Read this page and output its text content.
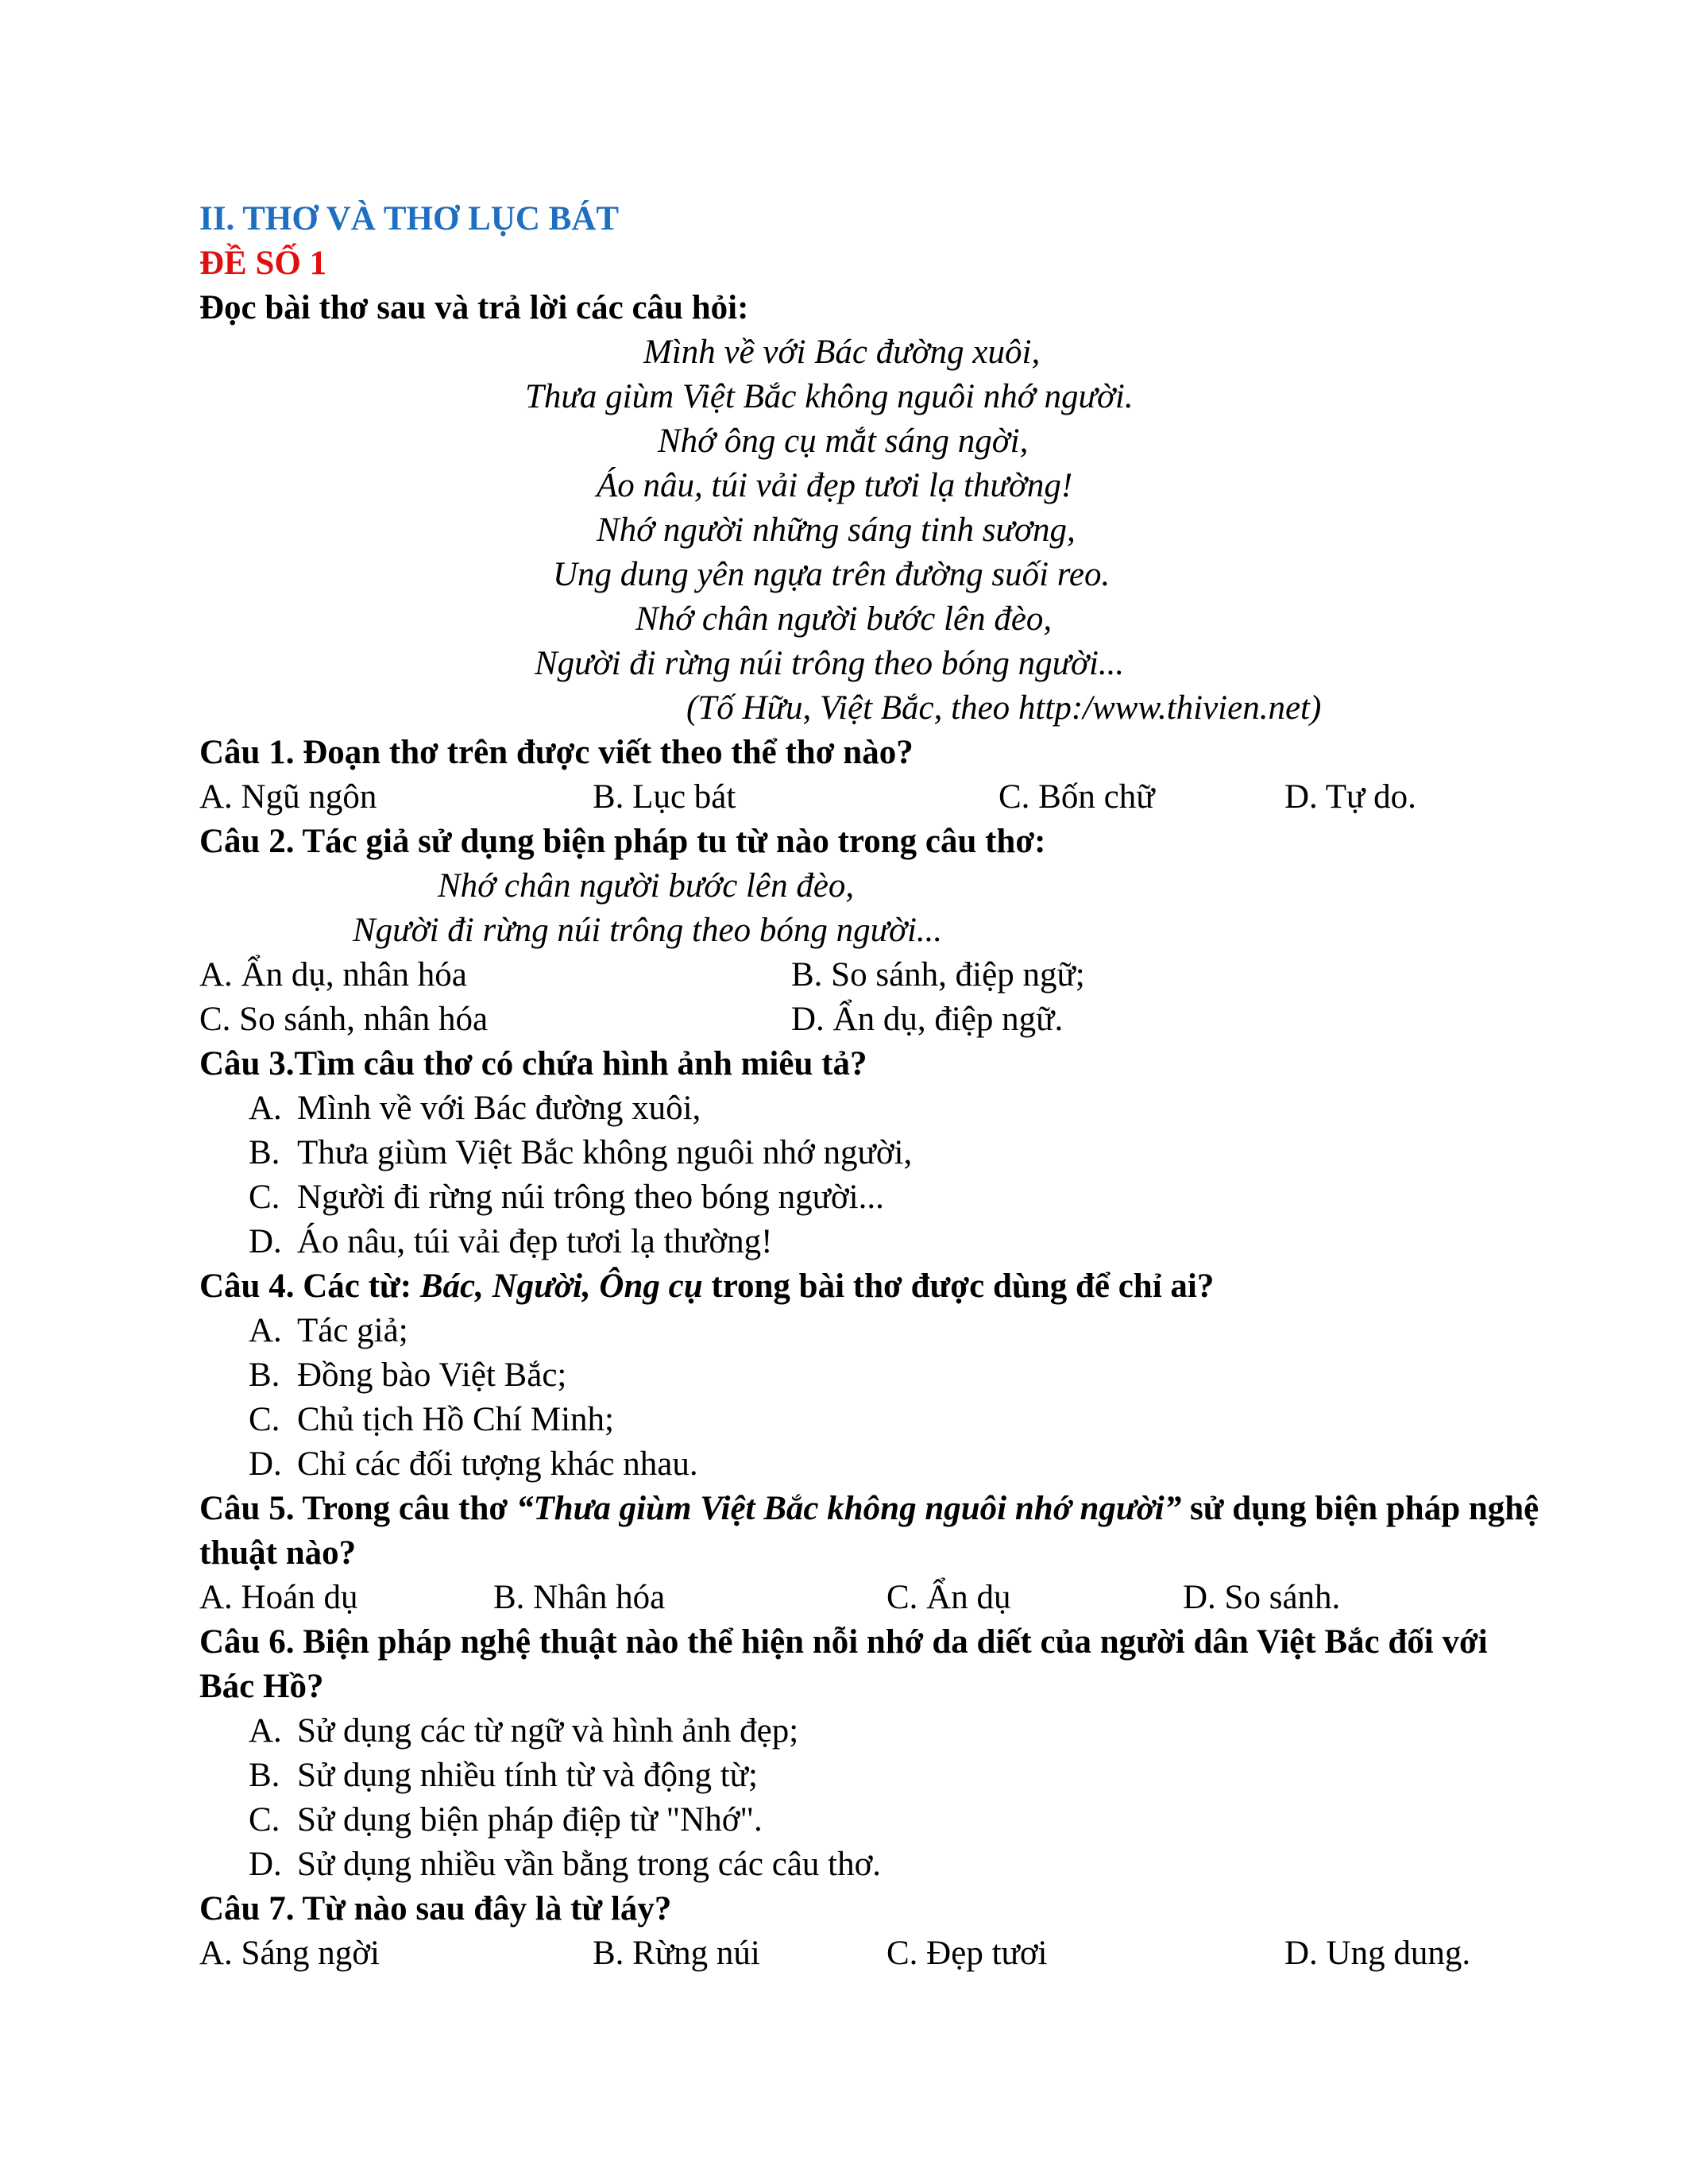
II. THƠ VÀ THƠ LỤC BÁT
ĐỀ SỐ 1
Đọc bài thơ sau và trả lời các câu hỏi:
Mình về với Bác đường xuôi,
Thưa giùm Việt Bắc không nguôi nhớ người.
Nhớ ông cụ mắt sáng ngời,
Áo nâu, túi vải đẹp tươi lạ thường!
Nhớ người những sáng tinh sương,
Ung dung yên ngựa trên đường suối reo.
Nhớ chân người bước lên đèo,
Người đi rừng núi trông theo bóng người...
(Tố Hữu, Việt Bắc, theo http:/www.thivien.net)
Câu 1. Đoạn thơ trên được viết theo thể thơ nào?
A. Ngũ ngôn	B. Lục bát	C. Bốn chữ	D. Tự do.
Câu 2. Tác giả sử dụng biện pháp tu từ nào trong câu thơ:
Nhớ chân người bước lên đèo,
Người đi rừng núi trông theo bóng người...
A. Ẩn dụ, nhân hóa	B. So sánh, điệp ngữ;
C. So sánh, nhân hóa	D. Ẩn dụ, điệp ngữ.
Câu 3.Tìm câu thơ có chứa hình ảnh miêu tả?
A. Mình về với Bác đường xuôi,
B. Thưa giùm Việt Bắc không nguôi nhớ người,
C. Người đi rừng núi trông theo bóng người...
D. Áo nâu, túi vải đẹp tươi lạ thường!
Câu 4. Các từ: Bác, Người, Ông cụ trong bài thơ được dùng để chỉ ai?
A. Tác giả;
B. Đồng bào Việt Bắc;
C. Chủ tịch Hồ Chí Minh;
D. Chỉ các đối tượng khác nhau.
Câu 5. Trong câu thơ “Thưa giùm Việt Bắc không nguôi nhớ người” sử dụng biện pháp nghệ thuật nào?
A. Hoán dụ	B. Nhân hóa	C. Ẩn dụ	D. So sánh.
Câu 6. Biện pháp nghệ thuật nào thể hiện nỗi nhớ da diết của người dân Việt Bắc đối với Bác Hồ?
A. Sử dụng các từ ngữ và hình ảnh đẹp;
B. Sử dụng nhiều tính từ và động từ;
C. Sử dụng biện pháp điệp từ "Nhớ".
D. Sử dụng nhiều vần bằng trong các câu thơ.
Câu 7. Từ nào sau đây là từ láy?
A. Sáng ngời	B. Rừng núi	C. Đẹp tươi	D. Ung dung.
